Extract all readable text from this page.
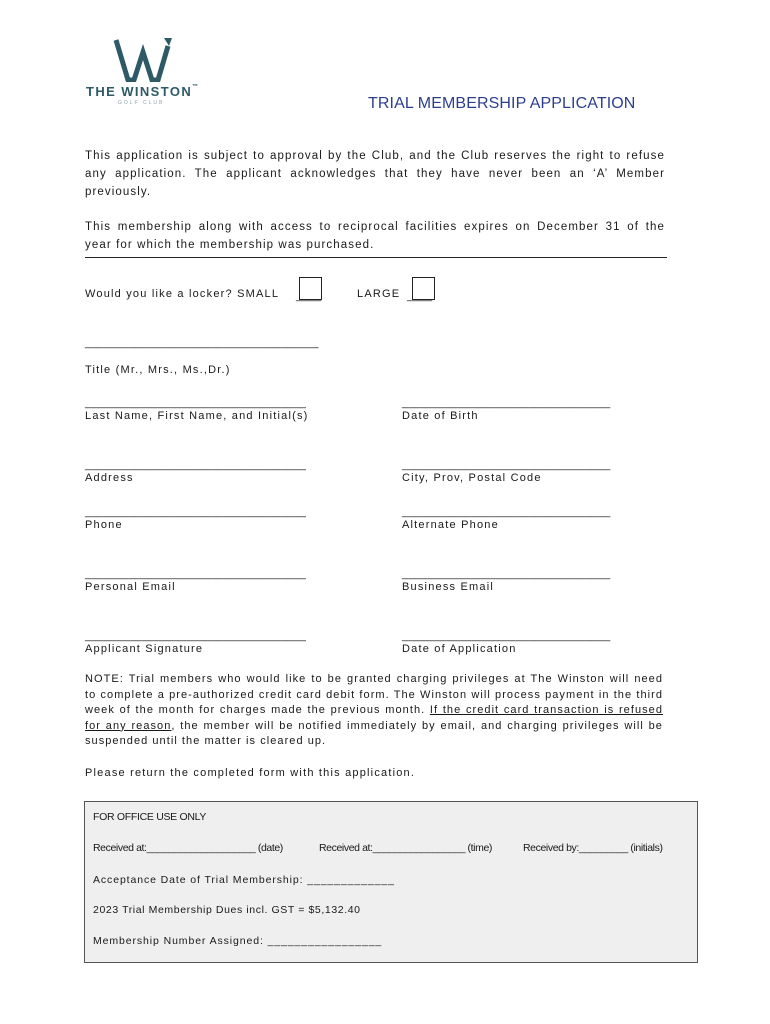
THE WINSTON™
GOLF CLUB	TRIAL MEMBERSHIP APPLICATION
This application is subject to approval by the Club, and the Club reserves the right to refuse any application. The applicant acknowledges that they have never been an ‘A’ Member previously.
This membership along with access to reciprocal facilities expires on December 31 of the year for which the membership was purchased.
Would you like a locker? SMALL ____	LARGE ____
_____________________________________
Title (Mr., Mrs., Ms.,Dr.)
___________________________________	_________________________________
Last Name, First Name, and Initial(s)	Date of Birth
___________________________________	_________________________________
Address	City, Prov, Postal Code
___________________________________	_________________________________
Phone	Alternate Phone
___________________________________	_________________________________
Personal Email	Business Email
___________________________________	_________________________________
Applicant Signature	Date of Application
NOTE: Trial members who would like to be granted charging privileges at The Winston will need to complete a pre-authorized credit card debit form. The Winston will process payment in the third week of the month for charges made the previous month. If the credit card transaction is refused for any reason, the member will be notified immediately by email, and charging privileges will be suspended until the matter is cleared up.
Please return the completed form with this application.
FOR OFFICE USE ONLY
Received at:____________________ (date)	Received at:_________________ (time)	Received by:_________ (initials)
Acceptance Date of Trial Membership: _____________
2023 Trial Membership Dues incl. GST = $5,132.40
Membership Number Assigned: _________________
